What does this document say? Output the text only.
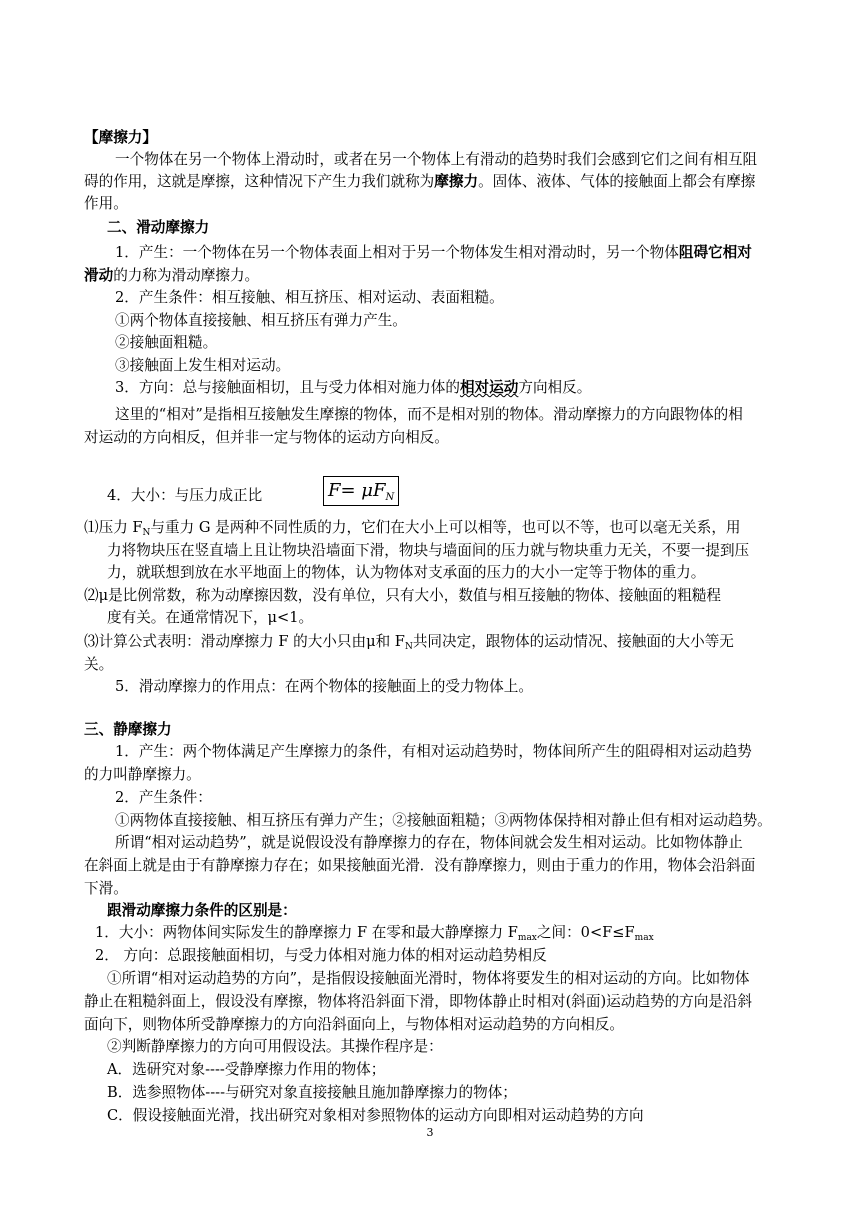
【摩擦力】
一个物体在另一个物体上滑动时，或者在另一个物体上有滑动的趋势时我们会感到它们之间有相互阻
碍的作用，这就是摩擦，这种情况下产生力我们就称为摩擦力。固体、液体、气体的接触面上都会有摩擦
作用。
二、滑动摩擦力
1．产生：一个物体在另一个物体表面上相对于另一个物体发生相对滑动时，另一个物体阻碍它相对
滑动的力称为滑动摩擦力。
2．产生条件：相互接触、相互挤压、相对运动、表面粗糙。
①两个物体直接接触、相互挤压有弹力产生。
②接触面粗糙。
③接触面上发生相对运动。
3．方向：总与接触面相切，且与受力体相对施力体的相对运动方向相反。
这里的“相对”是指相互接触发生摩擦的物体，而不是相对别的物体。滑动摩擦力的方向跟物体的相
对运动的方向相反，但并非一定与物体的运动方向相反。
4．大小：与压力成正比	$F= \mu F_N$
⑴压力 $F_N$与重力 G 是两种不同性质的力，它们在大小上可以相等，也可以不等，也可以毫无关系，用
力将物块压在竖直墙上且让物块沿墙面下滑，物块与墙面间的压力就与物块重力无关，不要一提到压
力，就联想到放在水平地面上的物体，认为物体对支承面的压力的大小一定等于物体的重力。
⑵μ是比例常数，称为动摩擦因数，没有单位，只有大小，数值与相互接触的物体、接触面的粗糙程
度有关。在通常情况下，μ<1。
⑶计算公式表明：滑动摩擦力 F 的大小只由μ和 $F_N$共同决定，跟物体的运动情况、接触面的大小等无
关。
5．滑动摩擦力的作用点：在两个物体的接触面上的受力物体上。
三、静摩擦力
1．产生：两个物体满足产生摩擦力的条件，有相对运动趋势时，物体间所产生的阻碍相对运动趋势
的力叫静摩擦力。
2．产生条件：
①两物体直接接触、相互挤压有弹力产生；②接触面粗糙；③两物体保持相对静止但有相对运动趋势。
所谓“相对运动趋势”，就是说假设没有静摩擦力的存在，物体间就会发生相对运动。比如物体静止
在斜面上就是由于有静摩擦力存在；如果接触面光滑．没有静摩擦力，则由于重力的作用，物体会沿斜面
下滑。
跟滑动摩擦力条件的区别是：
1．大小：两物体间实际发生的静摩擦力 F 在零和最大静摩擦力 $F_{max}$之间：$0<F\le F_{max}$
2． 方向：总跟接触面相切，与受力体相对施力体的相对运动趋势相反
①所谓“相对运动趋势的方向”，是指假设接触面光滑时，物体将要发生的相对运动的方向。比如物体
静止在粗糙斜面上，假设没有摩擦，物体将沿斜面下滑，即物体静止时相对(斜面)运动趋势的方向是沿斜
面向下，则物体所受静摩擦力的方向沿斜面向上，与物体相对运动趋势的方向相反。
②判断静摩擦力的方向可用假设法。其操作程序是：
A．选研究对象----受静摩擦力作用的物体；
B．选参照物体----与研究对象直接接触且施加静摩擦力的物体；
C．假设接触面光滑，找出研究对象相对参照物体的运动方向即相对运动趋势的方向
3
